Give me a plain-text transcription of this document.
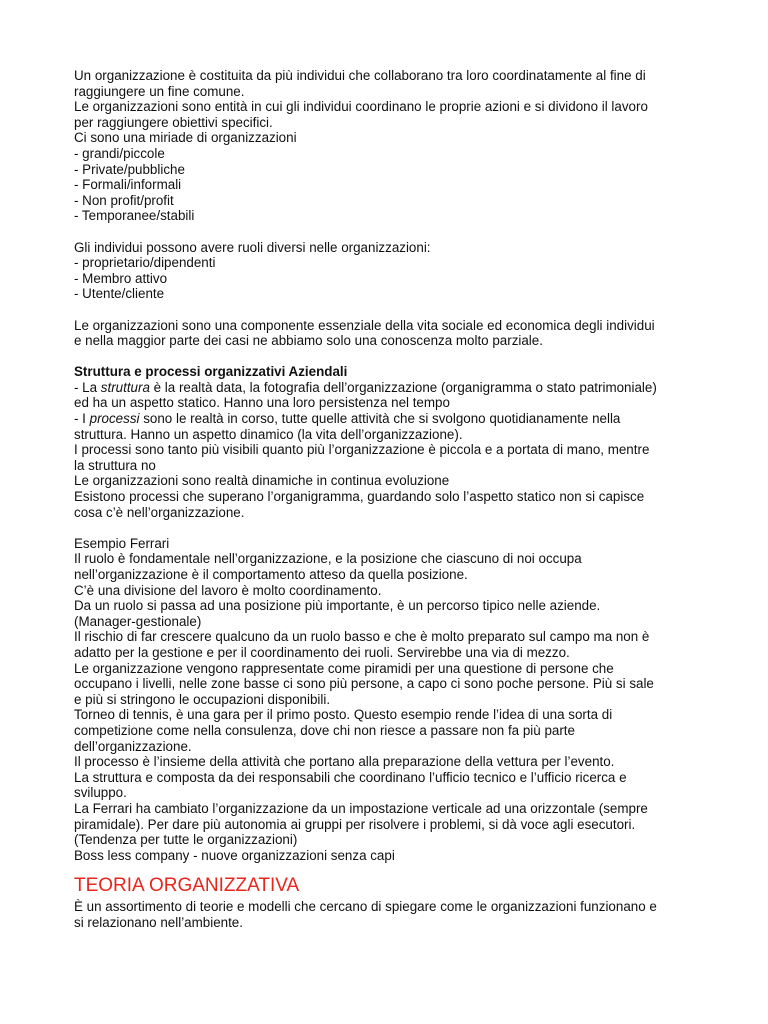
Un organizzazione è costituita da più individui che collaborano tra loro coordinatamente al fine di
raggiungere un fine comune.
Le organizzazioni sono entità in cui gli individui coordinano le proprie azioni e si dividono il lavoro
per raggiungere obiettivi specifici.
Ci sono una miriade di organizzazioni
- grandi/piccole
- Private/pubbliche
- Formali/informali
- Non profit/profit
- Temporanee/stabili
Gli individui possono avere ruoli diversi nelle organizzazioni:
- proprietario/dipendenti
- Membro attivo
- Utente/cliente
Le organizzazioni sono una componente essenziale della vita sociale ed economica degli individui
e nella maggior parte dei casi ne abbiamo solo una conoscenza molto parziale.
Struttura e processi organizzativi Aziendali
- La struttura è la realtà data, la fotografia dell’organizzazione (organigramma o stato patrimoniale)
ed ha un aspetto statico. Hanno una loro persistenza nel tempo
- I processi sono le realtà in corso, tutte quelle attività che si svolgono quotidianamente nella
struttura. Hanno un aspetto dinamico (la vita dell’organizzazione).
I processi sono tanto più visibili quanto più l’organizzazione è piccola e a portata di mano, mentre
la struttura no
Le organizzazioni sono realtà dinamiche in continua evoluzione
Esistono processi che superano l’organigramma, guardando solo l’aspetto statico non si capisce
cosa c’è nell’organizzazione.
Esempio Ferrari
Il ruolo è fondamentale nell’organizzazione, e la posizione che ciascuno di noi occupa
nell’organizzazione è il comportamento atteso da quella posizione.
C’è una divisione del lavoro è molto coordinamento.
Da un ruolo si passa ad una posizione più importante, è un percorso tipico nelle aziende.
(Manager-gestionale)
Il rischio di far crescere qualcuno da un ruolo basso e che è molto preparato sul campo ma non è
adatto per la gestione e per il coordinamento dei ruoli. Servirebbe una via di mezzo.
Le organizzazione vengono rappresentate come piramidi per una questione di persone che
occupano i livelli, nelle zone basse ci sono più persone, a capo ci sono poche persone. Più si sale
e più si stringono le occupazioni disponibili.
Torneo di tennis, è una gara per il primo posto. Questo esempio rende l’idea di una sorta di
competizione come nella consulenza, dove chi non riesce a passare non fa più parte
dell’organizzazione.
Il processo è l’insieme della attività che portano alla preparazione della vettura per l’evento.
La struttura e composta da dei responsabili che coordinano l’ufficio tecnico e l’ufficio ricerca e
sviluppo.
La Ferrari ha cambiato l’organizzazione da un impostazione verticale ad una orizzontale (sempre
piramidale). Per dare più autonomia ai gruppi per risolvere i problemi, si dà voce agli esecutori.
(Tendenza per tutte le organizzazioni)
Boss less company - nuove organizzazioni senza capi
TEORIA ORGANIZZATIVA
È un assortimento di teorie e modelli che cercano di spiegare come le organizzazioni funzionano e
si relazionano nell’ambiente.
